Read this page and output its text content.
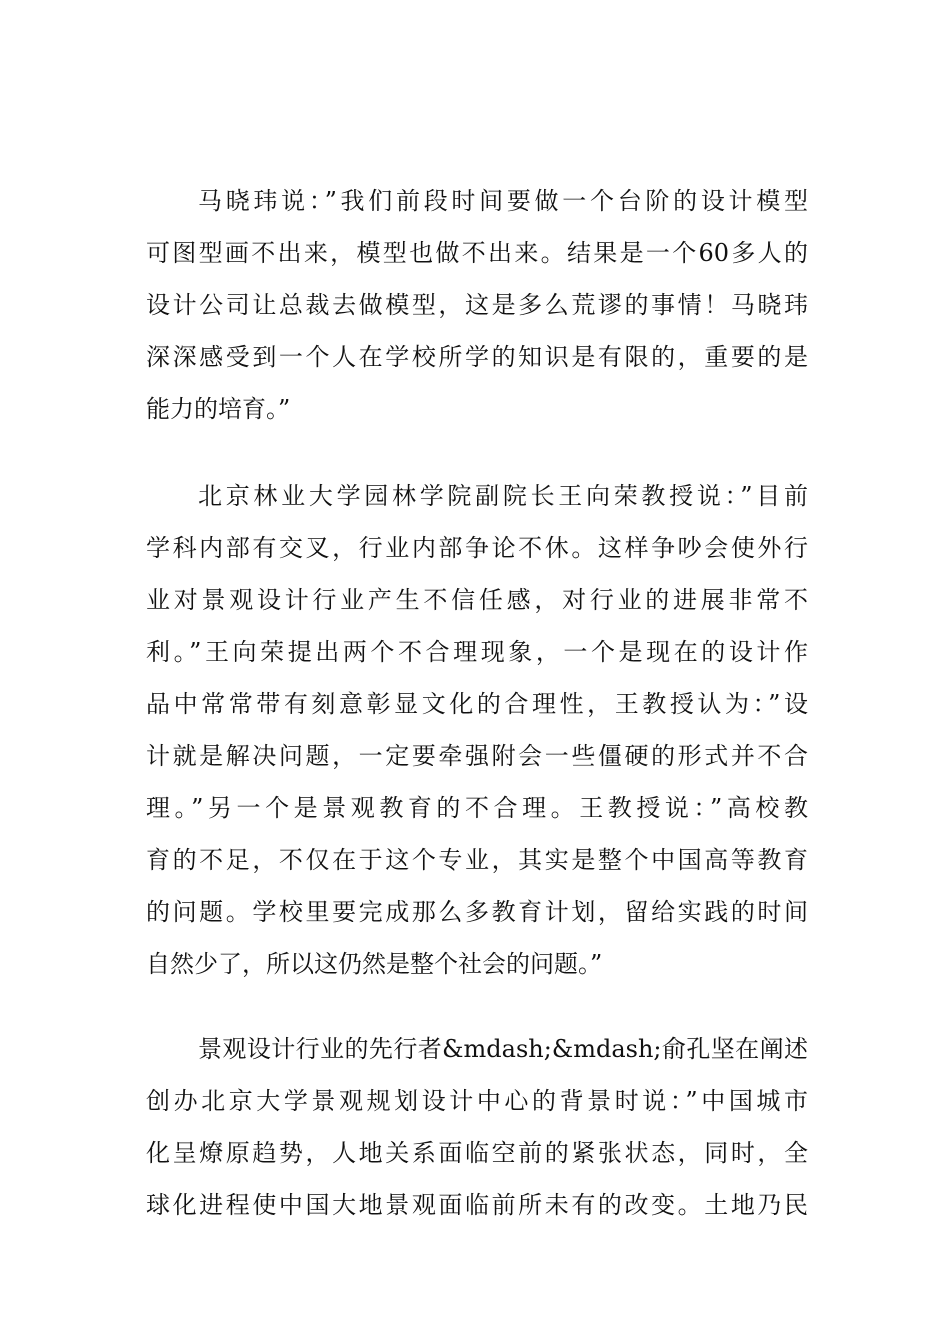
马晓玮说：”我们前段时间要做一个台阶的设计模型
可图型画不出来，模型也做不出来。结果是一个60多人的
设计公司让总裁去做模型，这是多么荒谬的事情！马晓玮
深深感受到一个人在学校所学的知识是有限的，重要的是
能力的培育。”
北京林业大学园林学院副院长王向荣教授说：”目前
学科内部有交叉，行业内部争论不休。这样争吵会使外行
业对景观设计行业产生不信任感，对行业的进展非常不
利。”王向荣提出两个不合理现象，一个是现在的设计作
品中常常带有刻意彰显文化的合理性，王教授认为：”设
计就是解决问题，一定要牵强附会一些僵硬的形式并不合
理。”另一个是景观教育的不合理。王教授说：”高校教
育的不足，不仅在于这个专业，其实是整个中国高等教育
的问题。学校里要完成那么多教育计划，留给实践的时间
自然少了，所以这仍然是整个社会的问题。”
景观设计行业的先行者&mdash;&mdash;俞孔坚在阐述
创办北京大学景观规划设计中心的背景时说：”中国城市
化呈燎原趋势，人地关系面临空前的紧张状态，同时，全
球化进程使中国大地景观面临前所未有的改变。土地乃民
